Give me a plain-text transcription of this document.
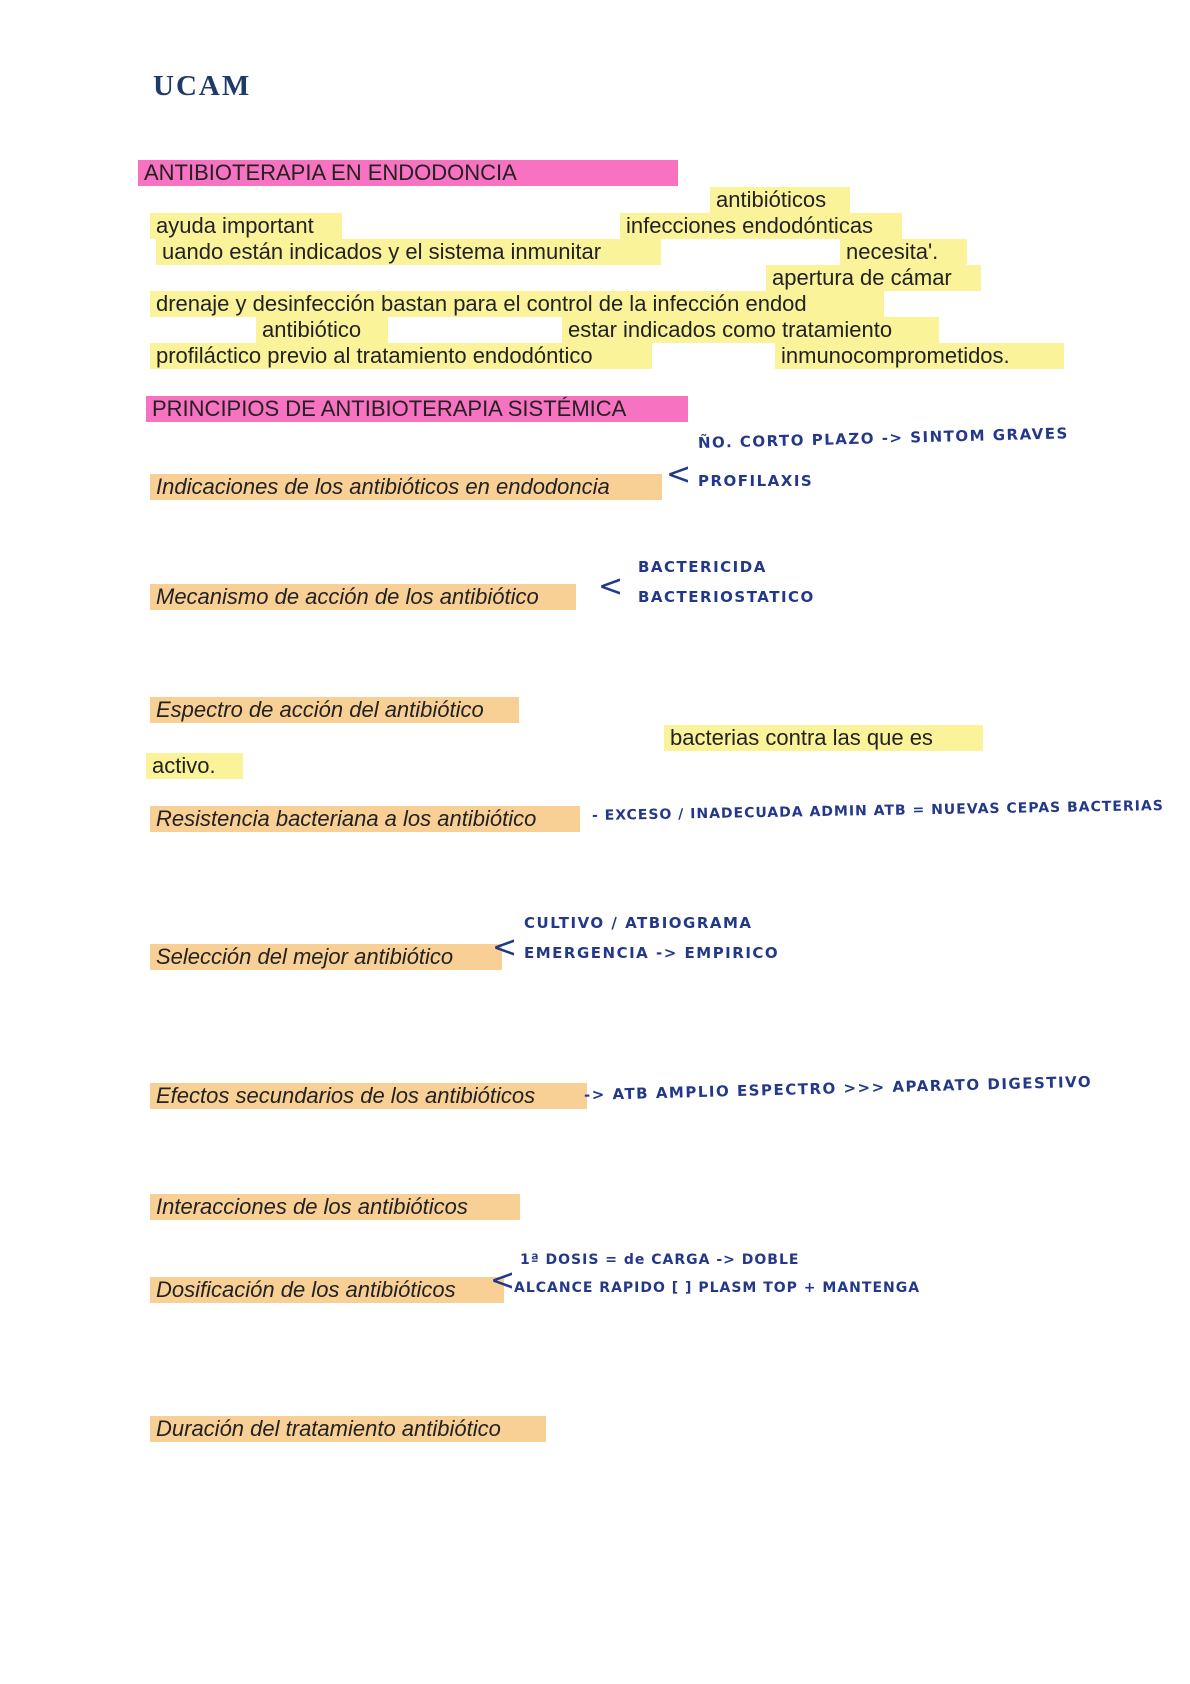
UCAM
ANTIBIOTERAPIA EN ENDODONCIA
antibióticos
ayuda important	infecciones endodónticas
uando están indicados y el sistema inmunitar	necesita'.
apertura de cámar
drenaje y desinfección bastan para el control de la infección endod
antibiótico	estar indicados como tratamiento
profiláctico previo al tratamiento endodóntico	inmunocomprometidos.
PRINCIPIOS DE ANTIBIOTERAPIA SISTÉMICA
Indicaciones de los antibióticos en endodoncia	<
ÑO. CORTO PLAZO -> SINTOM GRAVES
PROFILAXIS
Mecanismo de acción de los antibiótico	<
BACTERICIDA
BACTERIOSTATICO
Espectro de acción del antibiótico
bacterias contra las que es
activo.
Resistencia bacteriana a los antibiótico	- EXCESO / INADECUADA ADMIN ATB = NUEVAS CEPAS BACTERIAS
Selección del mejor antibiótico	<
CULTIVO / ATBIOGRAMA
EMERGENCIA -> EMPIRICO
Efectos secundarios de los antibióticos	-> ATB AMPLIO ESPECTRO >>> APARATO DIGESTIVO
Interacciones de los antibióticos
Dosificación de los antibióticos	<
1ª DOSIS = de CARGA -> DOBLE
ALCANCE RAPIDO [ ] PLASM TOP + MANTENGA
Duración del tratamiento antibiótico
